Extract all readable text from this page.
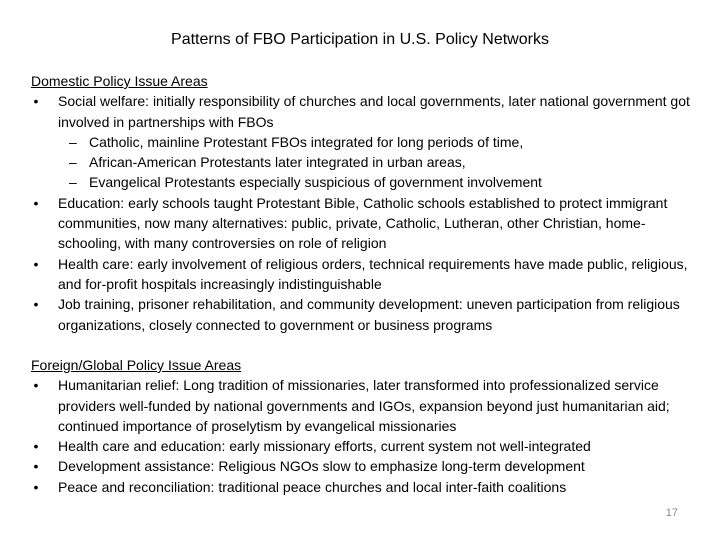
Patterns of FBO Participation in U.S. Policy Networks
Domestic Policy Issue Areas
• Social welfare: initially responsibility of churches and local governments, later national government got involved in partnerships with FBOs
– Catholic, mainline Protestant FBOs integrated for long periods of time,
– African-American Protestants later integrated in urban areas,
– Evangelical Protestants especially suspicious of government involvement
• Education: early schools taught Protestant Bible, Catholic schools established to protect immigrant communities, now many alternatives: public, private, Catholic, Lutheran, other Christian, home-schooling, with many controversies on role of religion
• Health care: early involvement of religious orders, technical requirements have made public, religious, and for-profit hospitals increasingly indistinguishable
• Job training, prisoner rehabilitation, and community development: uneven participation from religious organizations, closely connected to government or business programs
Foreign/Global Policy Issue Areas
• Humanitarian relief: Long tradition of missionaries, later transformed into professionalized service providers well-funded by national governments and IGOs, expansion beyond just humanitarian aid; continued importance of proselytism by evangelical missionaries
• Health care and education: early missionary efforts, current system not well-integrated
• Development assistance: Religious NGOs slow to emphasize long-term development
• Peace and reconciliation: traditional peace churches and local inter-faith coalitions
17
